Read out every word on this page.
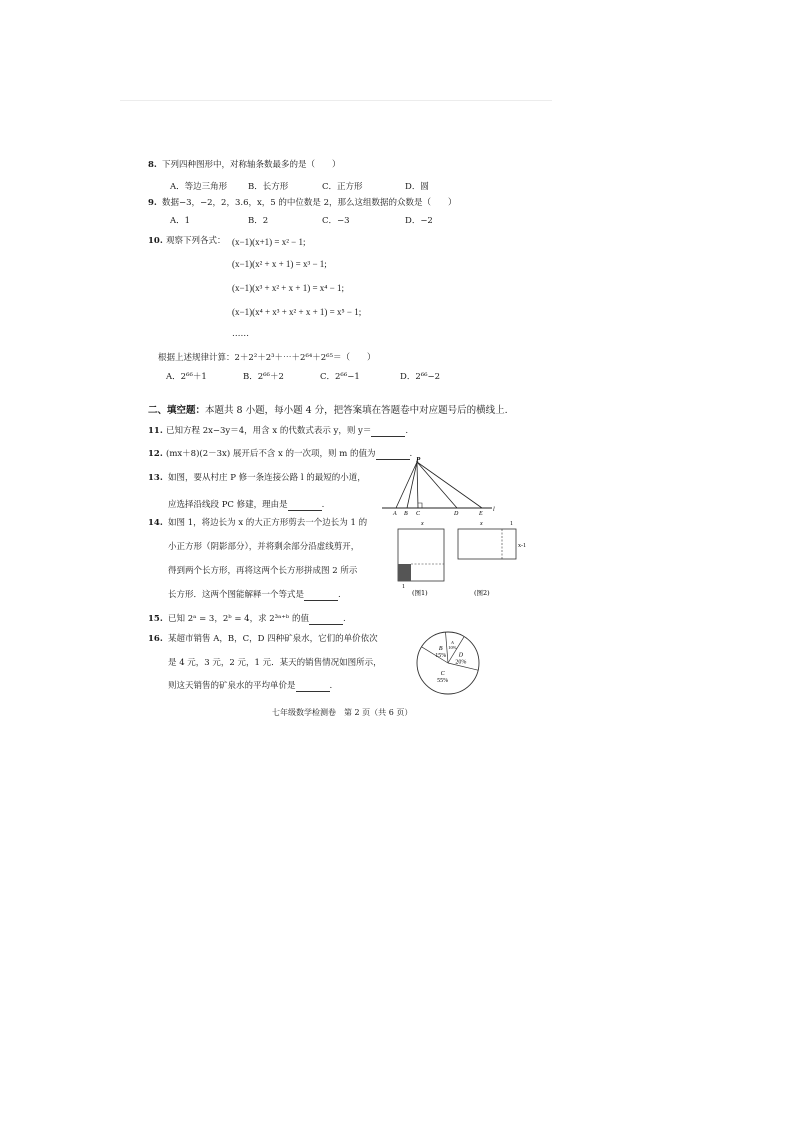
8. 下列四种图形中，对称轴条数最多的是（　　）
A．等边三角形 B．长方形	C．正方形	D．圆
9. 数据−3，−2，2，3.6，x，5 的中位数是 2，那么这组数据的众数是（　　）
A．1	B．2	C．−3	D．−2
10. 观察下列各式： (x−1)(x+1) = x² − 1;
(x−1)(x² + x + 1) = x³ − 1;
(x−1)(x³ + x² + x + 1) = x⁴ − 1;
(x−1)(x⁴ + x³ + x² + x + 1) = x⁵ − 1;
……
根据上述规律计算：2＋2²＋2³＋⋯＋2⁶⁴＋2⁶⁵＝（　　）
A．2⁶⁶＋1	B．2⁶⁶＋2	C．2⁶⁶−1	D．2⁶⁶−2
二、填空题：本题共 8 小题，每小题 4 分，把答案填在答题卷中对应题号后的横线上.
11. 已知方程 2x−3y＝4，用含 x 的代数式表示 y，则 y＝	.
12. (mx＋8)(2－3x) 展开后不含 x 的一次项，则 m 的值为	.
13. 如图，要从村庄 P 修一条连接公路 l 的最短的小道，
应选择沿线段 PC 修建，理由是	.
P
A B C	D	E
l
14. 如图 1，将边长为 x 的大正方形剪去一个边长为 1 的
小正方形（阴影部分），并将剩余部分沿虚线剪开，
得到两个长方形，再将这两个长方形拼成图 2 所示
长方形．这两个图能解释一个等式是	.
x
1
(图1)
x	1
x-1
(图2)
15. 已知 2ᵃ = 3，2ᵇ = 4，求 2³ᵃ⁺ᵇ 的值	.
16. 某超市销售 A，B，C，D 四种矿泉水，它们的单价依次
是 4 元，3 元，2 元，1 元．某天的销售情况如图所示，
则这天销售的矿泉水的平均单价是	.
A
10%
D
20%
C
55%
B
15%
七年级数学检测卷　第 2 页（共 6 页）
